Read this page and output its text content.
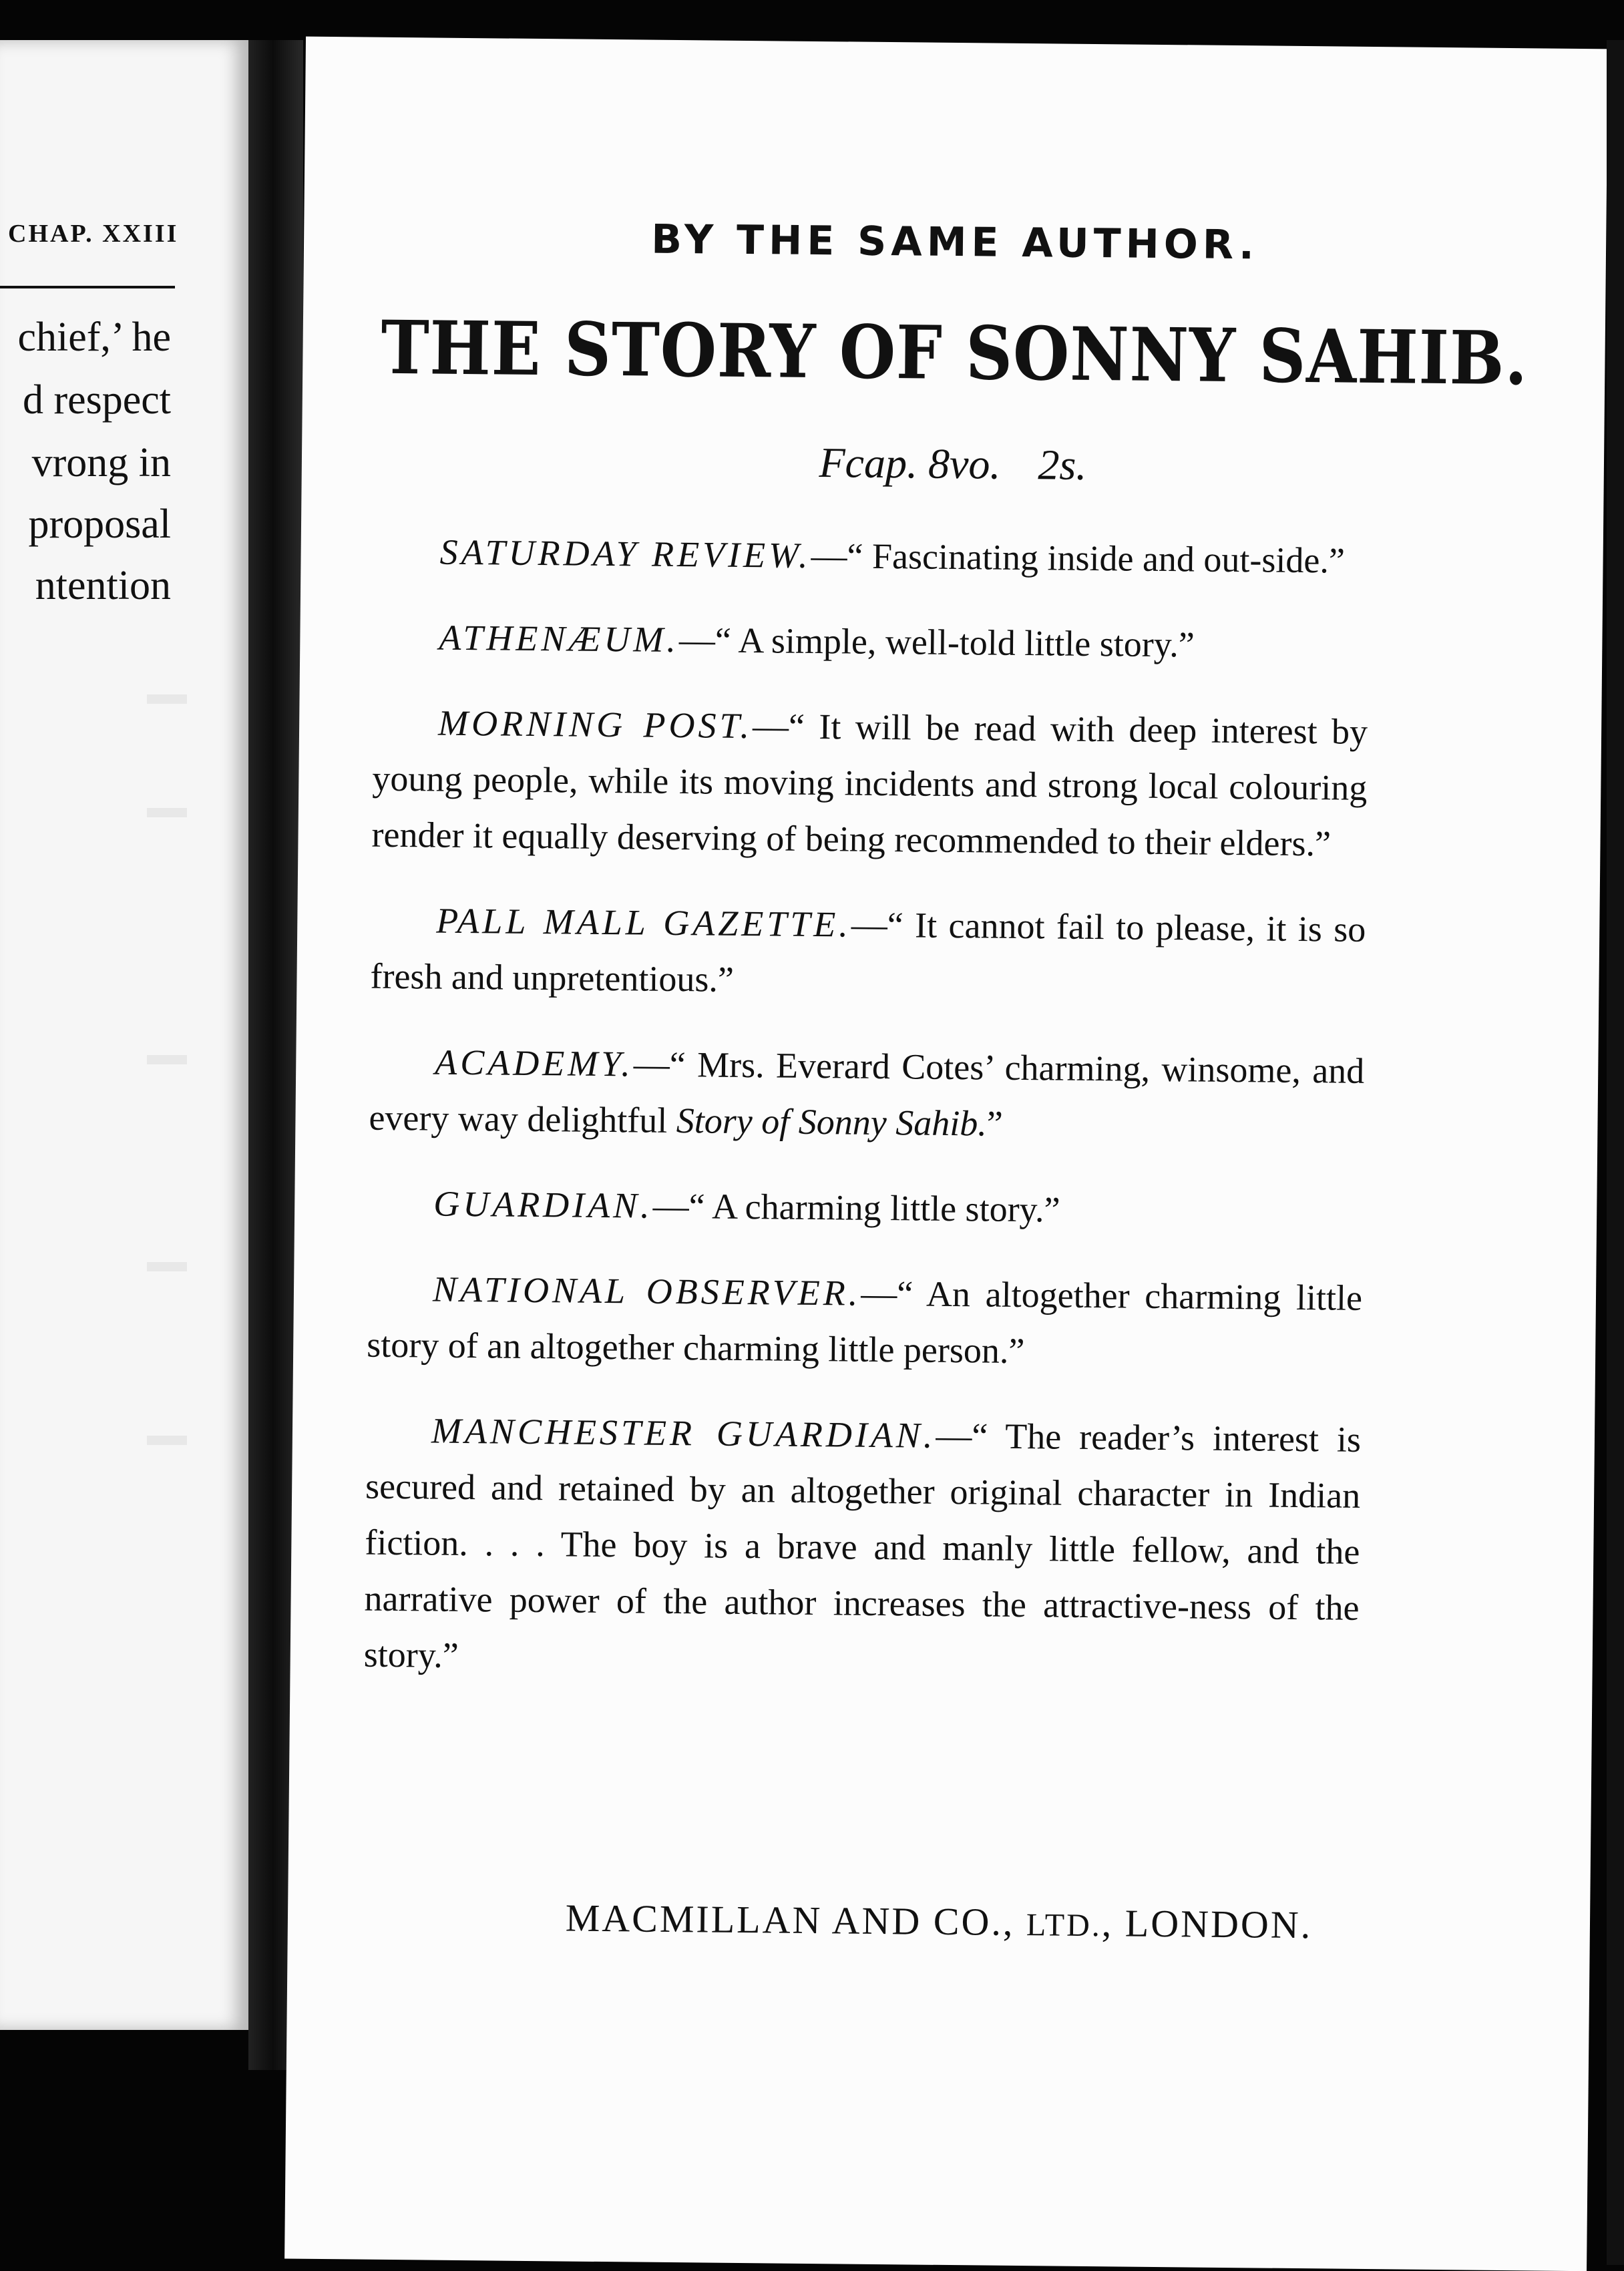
CHAP. XXIII
chief,’ he
d respect
vrong in
proposal
ntention
BY THE SAME AUTHOR.
THE STORY OF SONNY SAHIB.
Fcap. 8vo. 2s.

SATURDAY REVIEW.—“ Fascinating inside and out-side.”

ATHENÆUM.—“ A simple, well-told little story.”

MORNING POST.—“ It will be read with deep interest by young people, while its moving incidents and strong local colouring render it equally deserving of being recommended to their elders.”

PALL MALL GAZETTE.—“ It cannot fail to please, it is so fresh and unpretentious.”

ACADEMY.—“ Mrs. Everard Cotes’ charming, winsome, and every way delightful Story of Sonny Sahib.”

GUARDIAN.—“ A charming little story.”

NATIONAL OBSERVER.—“ An altogether charming little story of an altogether charming little person.”

MANCHESTER GUARDIAN.—“ The reader’s interest is secured and retained by an altogether original character in Indian fiction. . . . The boy is a brave and manly little fellow, and the narrative power of the author increases the attractive-ness of the story.”

MACMILLAN AND CO., LTD., LONDON.
